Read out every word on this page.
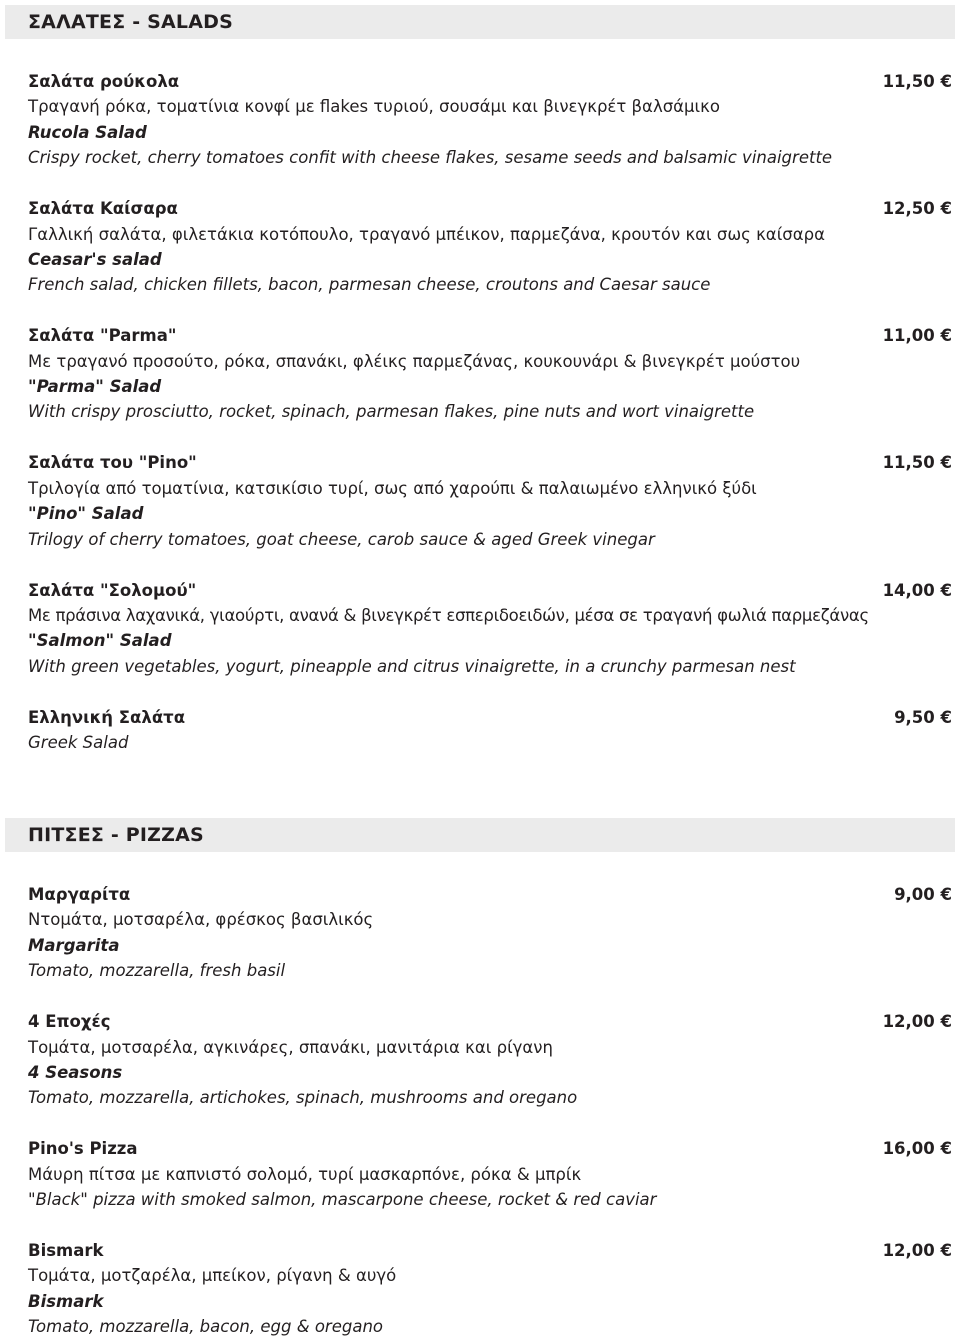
ΣΑΛΑΤΕΣ - SALADS
Σαλάτα ρούκολα	11,50 €
Τραγανή ρόκα, τοματίνια κονφί με flakes τυριού, σουσάμι και βινεγκρέτ βαλσάμικο
Rucola Salad
Crispy rocket, cherry tomatoes confit with cheese flakes, sesame seeds and balsamic vinaigrette
Σαλάτα Καίσαρα	12,50 €
Γαλλική σαλάτα, φιλετάκια κοτόπουλο, τραγανό μπέικον, παρμεζάνα, κρουτόν και σως καίσαρα
Ceasar's salad
French salad, chicken fillets, bacon, parmesan cheese, croutons and Caesar sauce
Σαλάτα "Parma"	11,00 €
Με τραγανό προσούτο, ρόκα, σπανάκι, φλέικς παρμεζάνας, κουκουνάρι & βινεγκρέτ μούστου
"Parma" Salad
With crispy prosciutto, rocket, spinach, parmesan flakes, pine nuts and wort vinaigrette
Σαλάτα του "Pino"	11,50 €
Τριλογία από τοματίνια, κατσικίσιο τυρί, σως από χαρούπι & παλαιωμένο ελληνικό ξύδι
"Pino" Salad
Trilogy of cherry tomatoes, goat cheese, carob sauce & aged Greek vinegar
Σαλάτα "Σολομού"	14,00 €
Με πράσινα λαχανικά, γιαούρτι, ανανά & βινεγκρέτ εσπεριδοειδών, μέσα σε τραγανή φωλιά παρμεζάνας
"Salmon" Salad
With green vegetables, yogurt, pineapple and citrus vinaigrette, in a crunchy parmesan nest
Ελληνική Σαλάτα	9,50 €
Greek Salad
ΠΙΤΣΕΣ - PIZZAS
Μαργαρίτα	9,00 €
Ντομάτα, μοτσαρέλα, φρέσκος βασιλικός
Margarita
Tomato, mozzarella, fresh basil
4 Εποχές	12,00 €
Τομάτα, μοτσαρέλα, αγκινάρες, σπανάκι, μανιτάρια και ρίγανη
4 Seasons
Tomato, mozzarella, artichokes, spinach, mushrooms and oregano
Pino's Pizza	16,00 €
Μάυρη πίτσα με καπνιστό σολομό, τυρί μασκαρπόνε, ρόκα & μπρίκ
"Black" pizza with smoked salmon, mascarpone cheese, rocket & red caviar
Bismark	12,00 €
Τομάτα, μοτζαρέλα, μπείκον, ρίγανη & αυγό
Bismark
Tomato, mozzarella, bacon, egg & oregano
